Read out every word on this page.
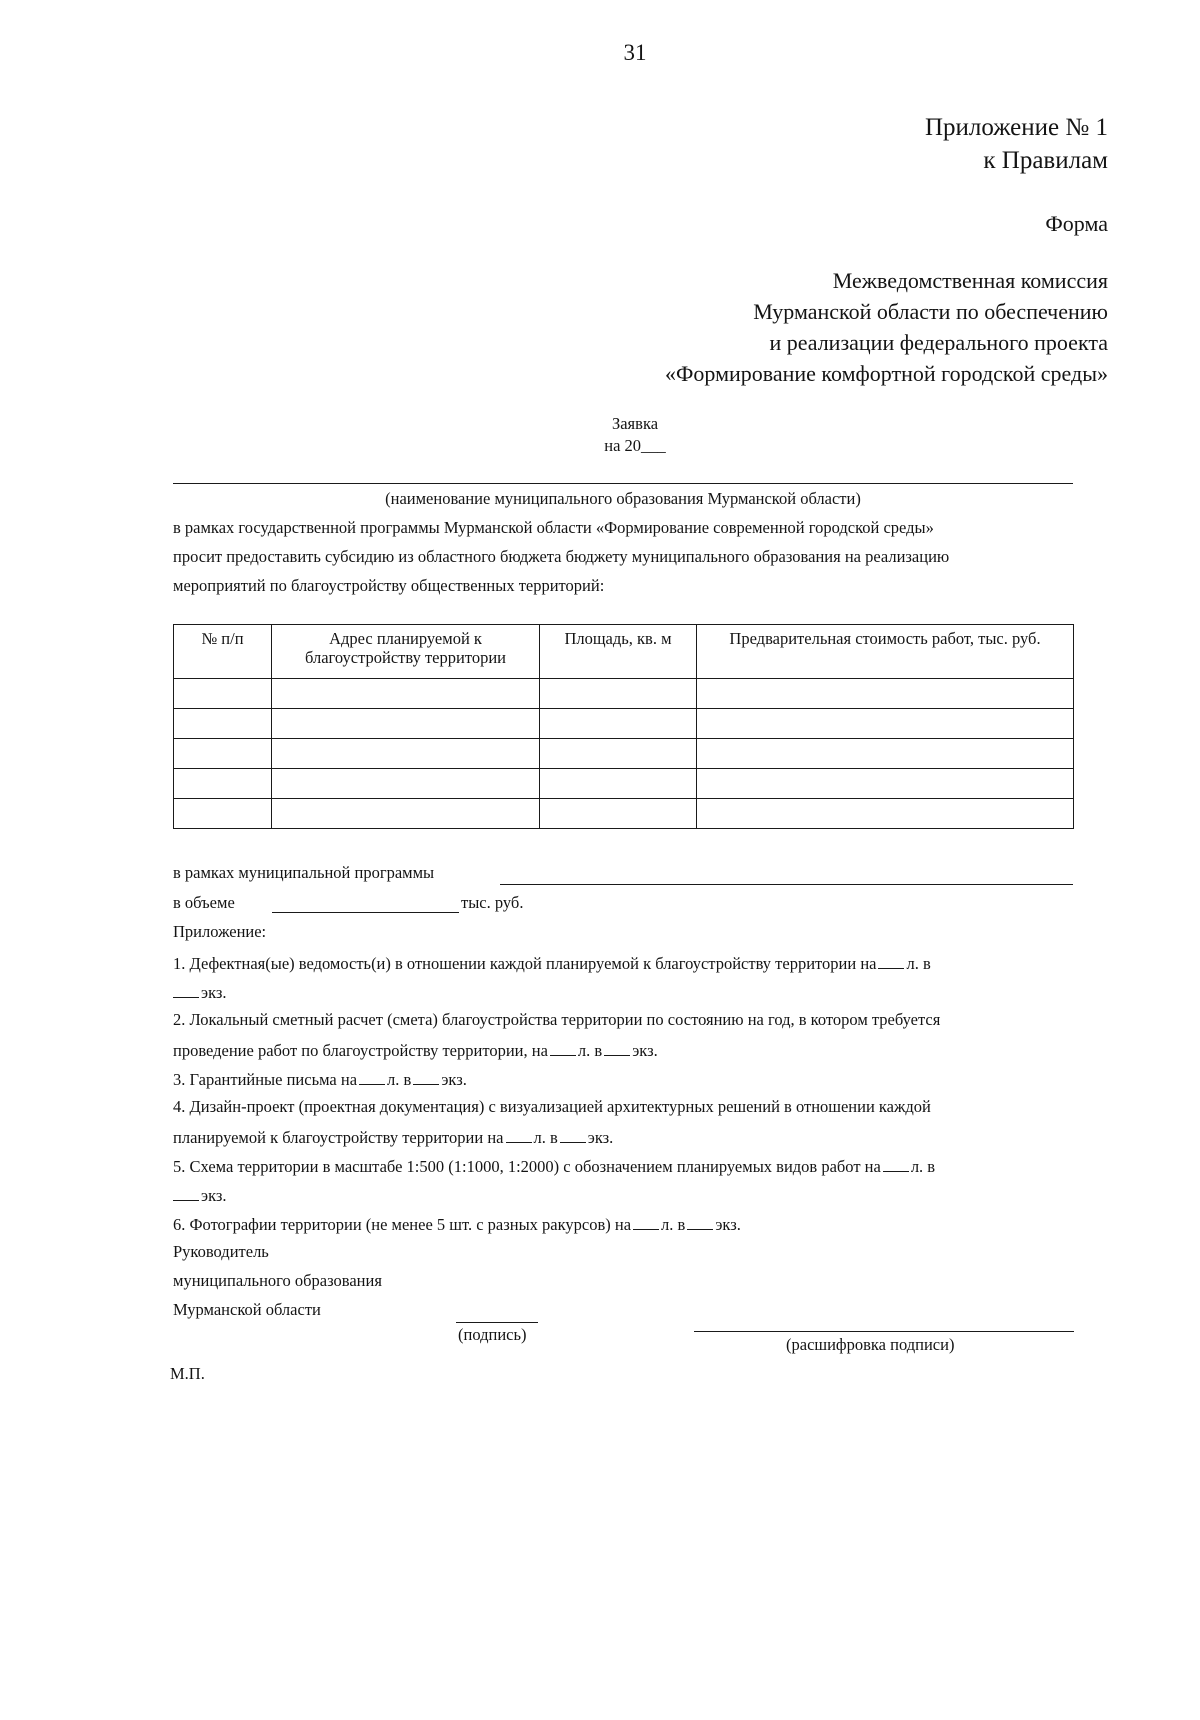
31
Приложение № 1
к Правилам
Форма
Межведомственная комиссия
Мурманской области по обеспечению
и реализации федерального проекта
«Формирование комфортной городской среды»
Заявка
на 20___
(наименование муниципального образования Мурманской области)
в рамках государственной программы Мурманской области «Формирование современной городской среды»
просит предоставить субсидию из областного бюджета бюджету муниципального образования на реализацию
мероприятий по благоустройству общественных территорий:
№ п/п	Адрес планируемой к благоустройству территории	Площадь, кв. м	Предварительная стоимость работ, тыс. руб.

в рамках муниципальной программы
в объеме	тыс. руб.
Приложение:
1. Дефектная(ые) ведомость(и) в отношении каждой планируемой к благоустройству территории на л. в
экз.
2. Локальный сметный расчет (смета) благоустройства территории по состоянию на год, в котором требуется
проведение работ по благоустройству территории, на л. в экз.
3. Гарантийные письма на л. в экз.
4. Дизайн-проект (проектная документация) с визуализацией архитектурных решений в отношении каждой
планируемой к благоустройству территории на л. в экз.
5. Схема территории в масштабе 1:500 (1:1000, 1:2000) с обозначением планируемых видов работ на л. в
экз.
6. Фотографии территории (не менее 5 шт. с разных ракурсов) на л. в экз.
Руководитель
муниципального образования
Мурманской области
(подпись)
(расшифровка подписи)
М.П.
